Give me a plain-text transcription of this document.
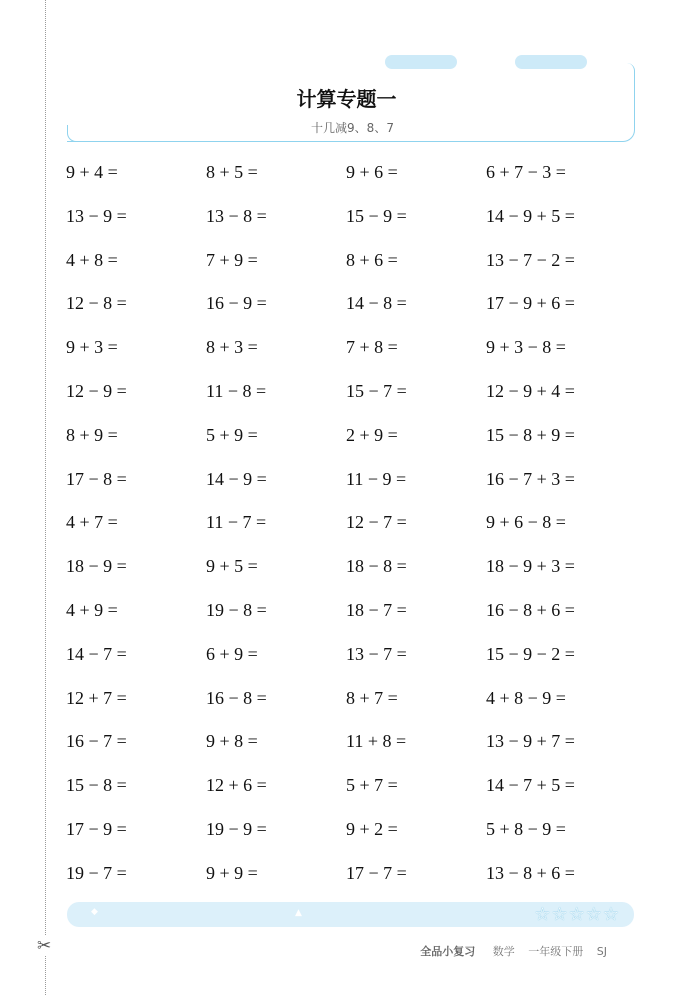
✂
计算专题一
十几减9、8、7
9 + 4 =	8 + 5 =	9 + 6 =	6 + 7 − 3 =
13 − 9 =	13 − 8 =	15 − 9 =	14 − 9 + 5 =
4 + 8 =	7 + 9 =	8 + 6 =	13 − 7 − 2 =
12 − 8 =	16 − 9 =	14 − 8 =	17 − 9 + 6 =
9 + 3 =	8 + 3 =	7 + 8 =	9 + 3 − 8 =
12 − 9 =	11 − 8 =	15 − 7 =	12 − 9 + 4 =
8 + 9 =	5 + 9 =	2 + 9 =	15 − 8 + 9 =
17 − 8 =	14 − 9 =	11 − 9 =	16 − 7 + 3 =
4 + 7 =	11 − 7 =	12 − 7 =	9 + 6 − 8 =
18 − 9 =	9 + 5 =	18 − 8 =	18 − 9 + 3 =
4 + 9 =	19 − 8 =	18 − 7 =	16 − 8 + 6 =
14 − 7 =	6 + 9 =	13 − 7 =	15 − 9 − 2 =
12 + 7 =	16 − 8 =	8 + 7 =	4 + 8 − 9 =
16 − 7 =	9 + 8 =	11 + 8 =	13 − 9 + 7 =
15 − 8 =	12 + 6 =	5 + 7 =	14 − 7 + 5 =
17 − 9 =	19 − 9 =	9 + 2 =	5 + 8 − 9 =
19 − 7 =	9 + 9 =	17 − 7 =	13 − 8 + 6 =
◆	▲	☆☆☆☆☆
全品小复习 数学 一年级下册 SJ
